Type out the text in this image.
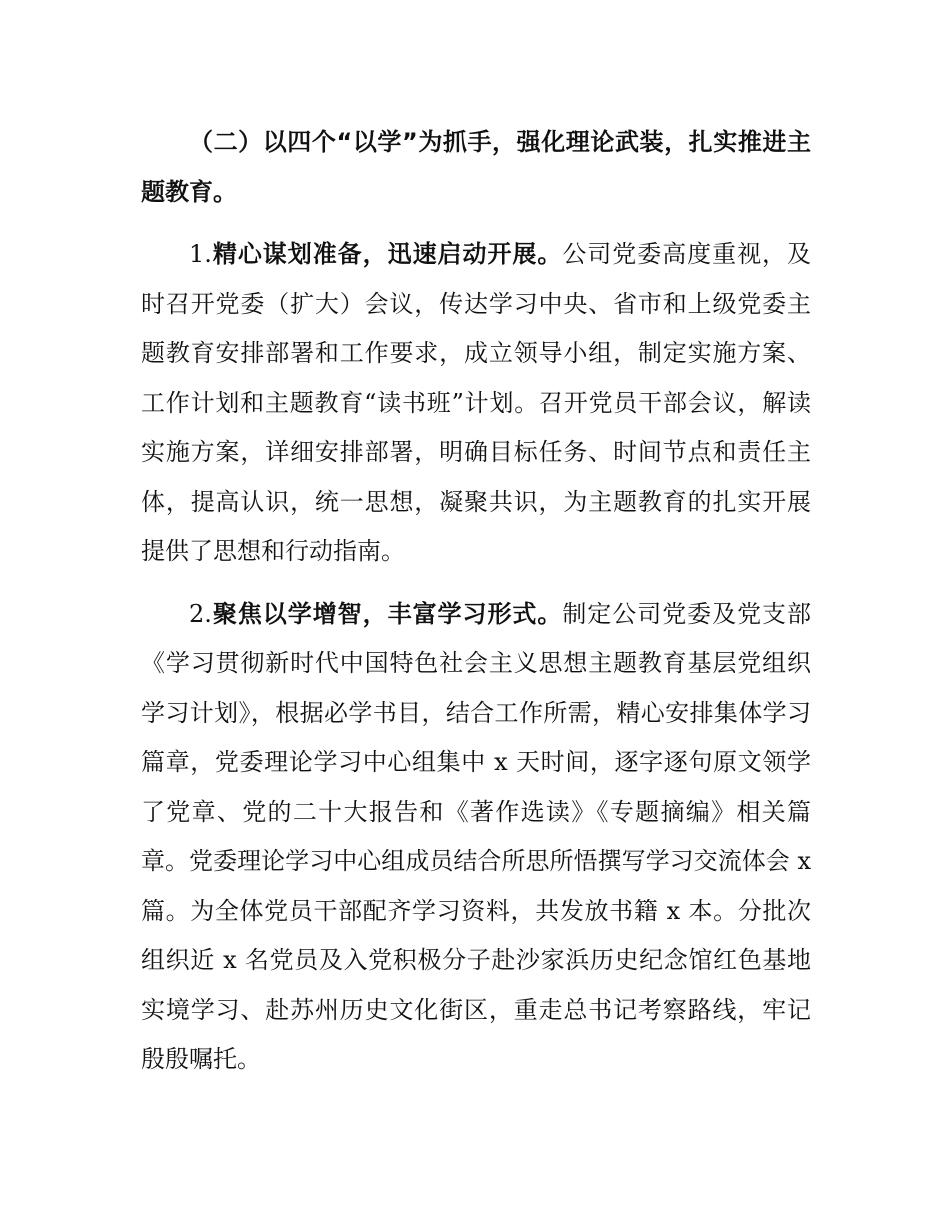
（二）以四个“以学”为抓手，强化理论武装，扎实推进主题教育。

1.精心谋划准备，迅速启动开展。公司党委高度重视，及时召开党委（扩大）会议，传达学习中央、省市和上级党委主题教育安排部署和工作要求，成立领导小组，制定实施方案、工作计划和主题教育“读书班”计划。召开党员干部会议，解读实施方案，详细安排部署，明确目标任务、时间节点和责任主体，提高认识，统一思想，凝聚共识，为主题教育的扎实开展提供了思想和行动指南。

2.聚焦以学增智，丰富学习形式。制定公司党委及党支部《学习贯彻新时代中国特色社会主义思想主题教育基层党组织学习计划》，根据必学书目，结合工作所需，精心安排集体学习篇章，党委理论学习中心组集中 x 天时间，逐字逐句原文领学了党章、党的二十大报告和《著作选读》《专题摘编》相关篇章。党委理论学习中心组成员结合所思所悟撰写学习交流体会 x 篇。为全体党员干部配齐学习资料，共发放书籍 x 本。分批次组织近 x 名党员及入党积极分子赴沙家浜历史纪念馆红色基地实境学习、赴苏州历史文化街区，重走总书记考察路线，牢记殷殷嘱托。
